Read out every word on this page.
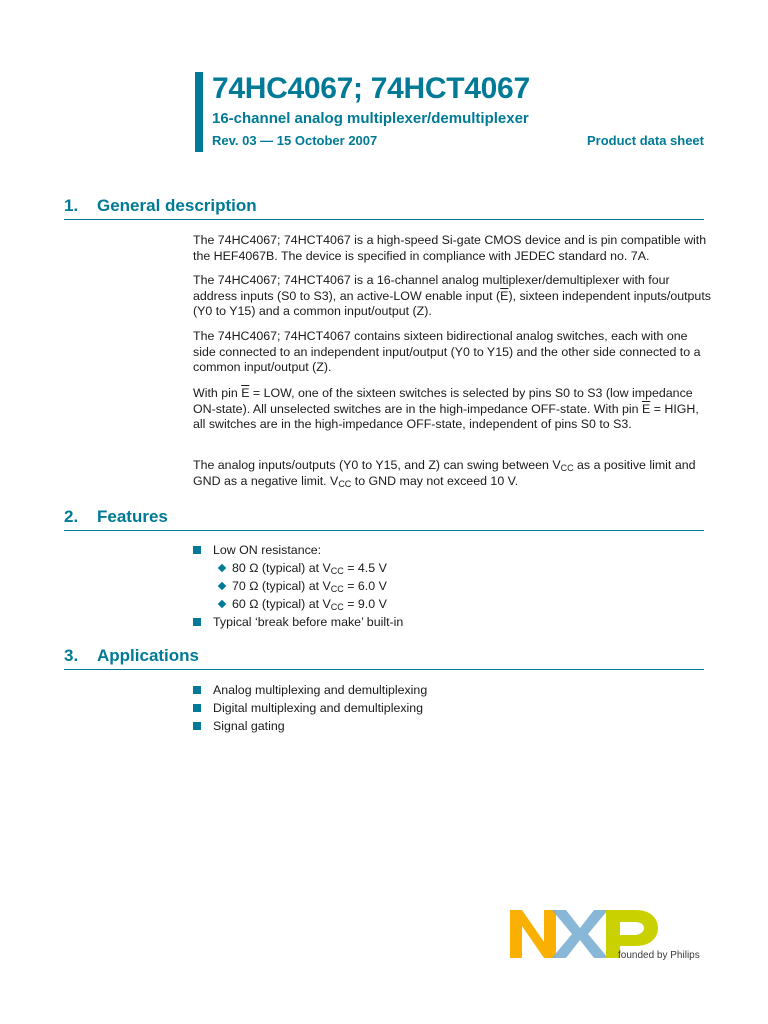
74HC4067; 74HCT4067
16-channel analog multiplexer/demultiplexer
Rev. 03 — 15 October 2007	Product data sheet
1. General description
The 74HC4067; 74HCT4067 is a high-speed Si-gate CMOS device and is pin compatible with the HEF4067B. The device is specified in compliance with JEDEC standard no. 7A.
The 74HC4067; 74HCT4067 is a 16-channel analog multiplexer/demultiplexer with four address inputs (S0 to S3), an active-LOW enable input $(\overline{E})$, sixteen independent inputs/outputs (Y0 to Y15) and a common input/output (Z).
The 74HC4067; 74HCT4067 contains sixteen bidirectional analog switches, each with one side connected to an independent input/output (Y0 to Y15) and the other side connected to a common input/output (Z).
With pin $\overline{E}$ = LOW, one of the sixteen switches is selected by pins S0 to S3 (low impedance ON-state). All unselected switches are in the high-impedance OFF-state. With pin $\overline{E}$ = HIGH, all switches are in the high-impedance OFF-state, independent of pins S0 to S3.
The analog inputs/outputs (Y0 to Y15, and Z) can swing between $V_{CC}$ as a positive limit and GND as a negative limit. $V_{CC}$ to GND may not exceed 10 V.
2. Features
Low ON resistance:
80 Ω (typical) at $V_{CC} = 4.5$ V
70 Ω (typical) at $V_{CC} = 6.0$ V
60 Ω (typical) at $V_{CC} = 9.0$ V
Typical ‘break before make’ built-in
3. Applications
Analog multiplexing and demultiplexing
Digital multiplexing and demultiplexing
Signal gating
founded by Philips
